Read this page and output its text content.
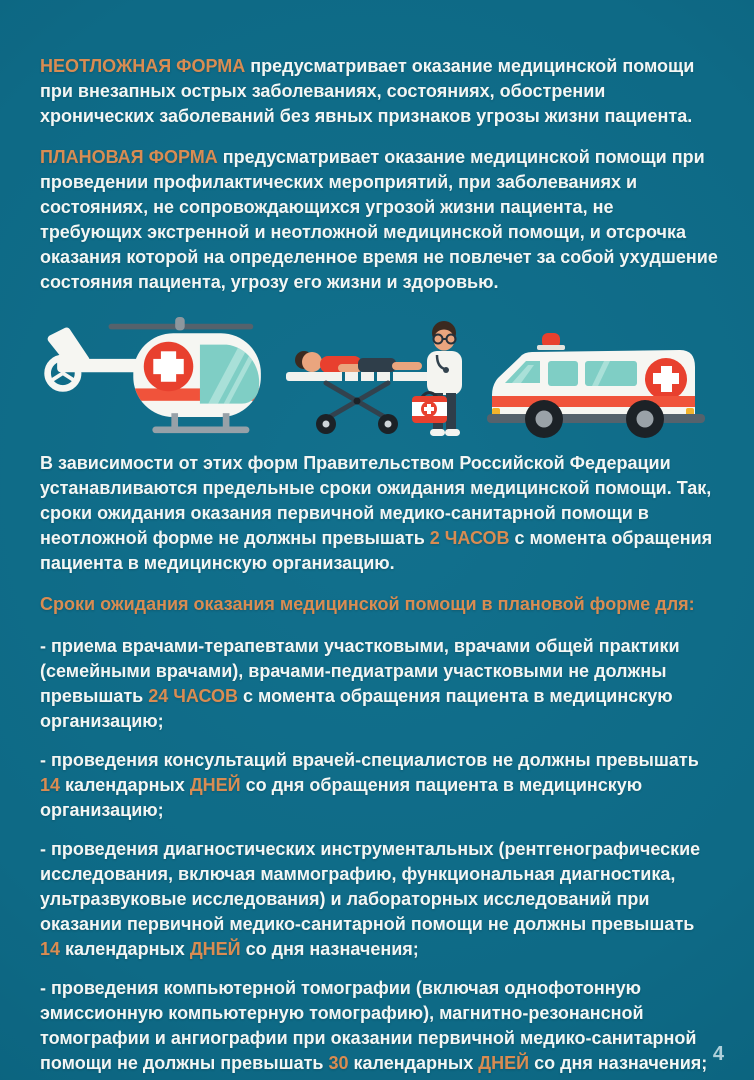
НЕОТЛОЖНАЯ ФОРМА предусматривает оказание медицинской помощи при внезапных острых заболеваниях, состояниях, обострении хронических заболеваний без явных признаков угрозы жизни пациента.

ПЛАНОВАЯ ФОРМА предусматривает оказание медицинской помощи при проведении профилактических мероприятий, при заболеваниях и состояниях, не сопровождающихся угрозой жизни пациента, не требующих экстренной и неотложной медицинской помощи, и отсрочка оказания которой на определенное время не повлечет за собой ухудшение состояния пациента, угрозу его жизни и здоровью.

В зависимости от этих форм Правительством Российской Федерации устанавливаются предельные сроки ожидания медицинской помощи. Так, сроки ожидания оказания первичной медико-санитарной помощи в неотложной форме не должны превышать 2 ЧАСОВ с момента обращения пациента в медицинскую организацию.

Сроки ожидания оказания медицинской помощи в плановой форме для:

- приема врачами-терапевтами участковыми, врачами общей практики (семейными врачами), врачами-педиатрами участковыми не должны превышать 24 ЧАСОВ с момента обращения пациента в медицинскую организацию;

- проведения консультаций врачей-специалистов не должны превышать 14 календарных ДНЕЙ со дня обращения пациента в медицинскую организацию;

- проведения диагностических инструментальных (рентгенографические исследования, включая маммографию, функциональная диагностика, ультразвуковые исследования) и лабораторных исследований при оказании первичной медико-санитарной помощи не должны превышать 14 календарных ДНЕЙ со дня назначения;

- проведения компьютерной томографии (включая однофотонную эмиссионную компьютерную томографию), магнитно-резонансной томографии и ангиографии при оказании первичной медико-санитарной помощи не должны превышать 30 календарных ДНЕЙ со дня назначения; 4
